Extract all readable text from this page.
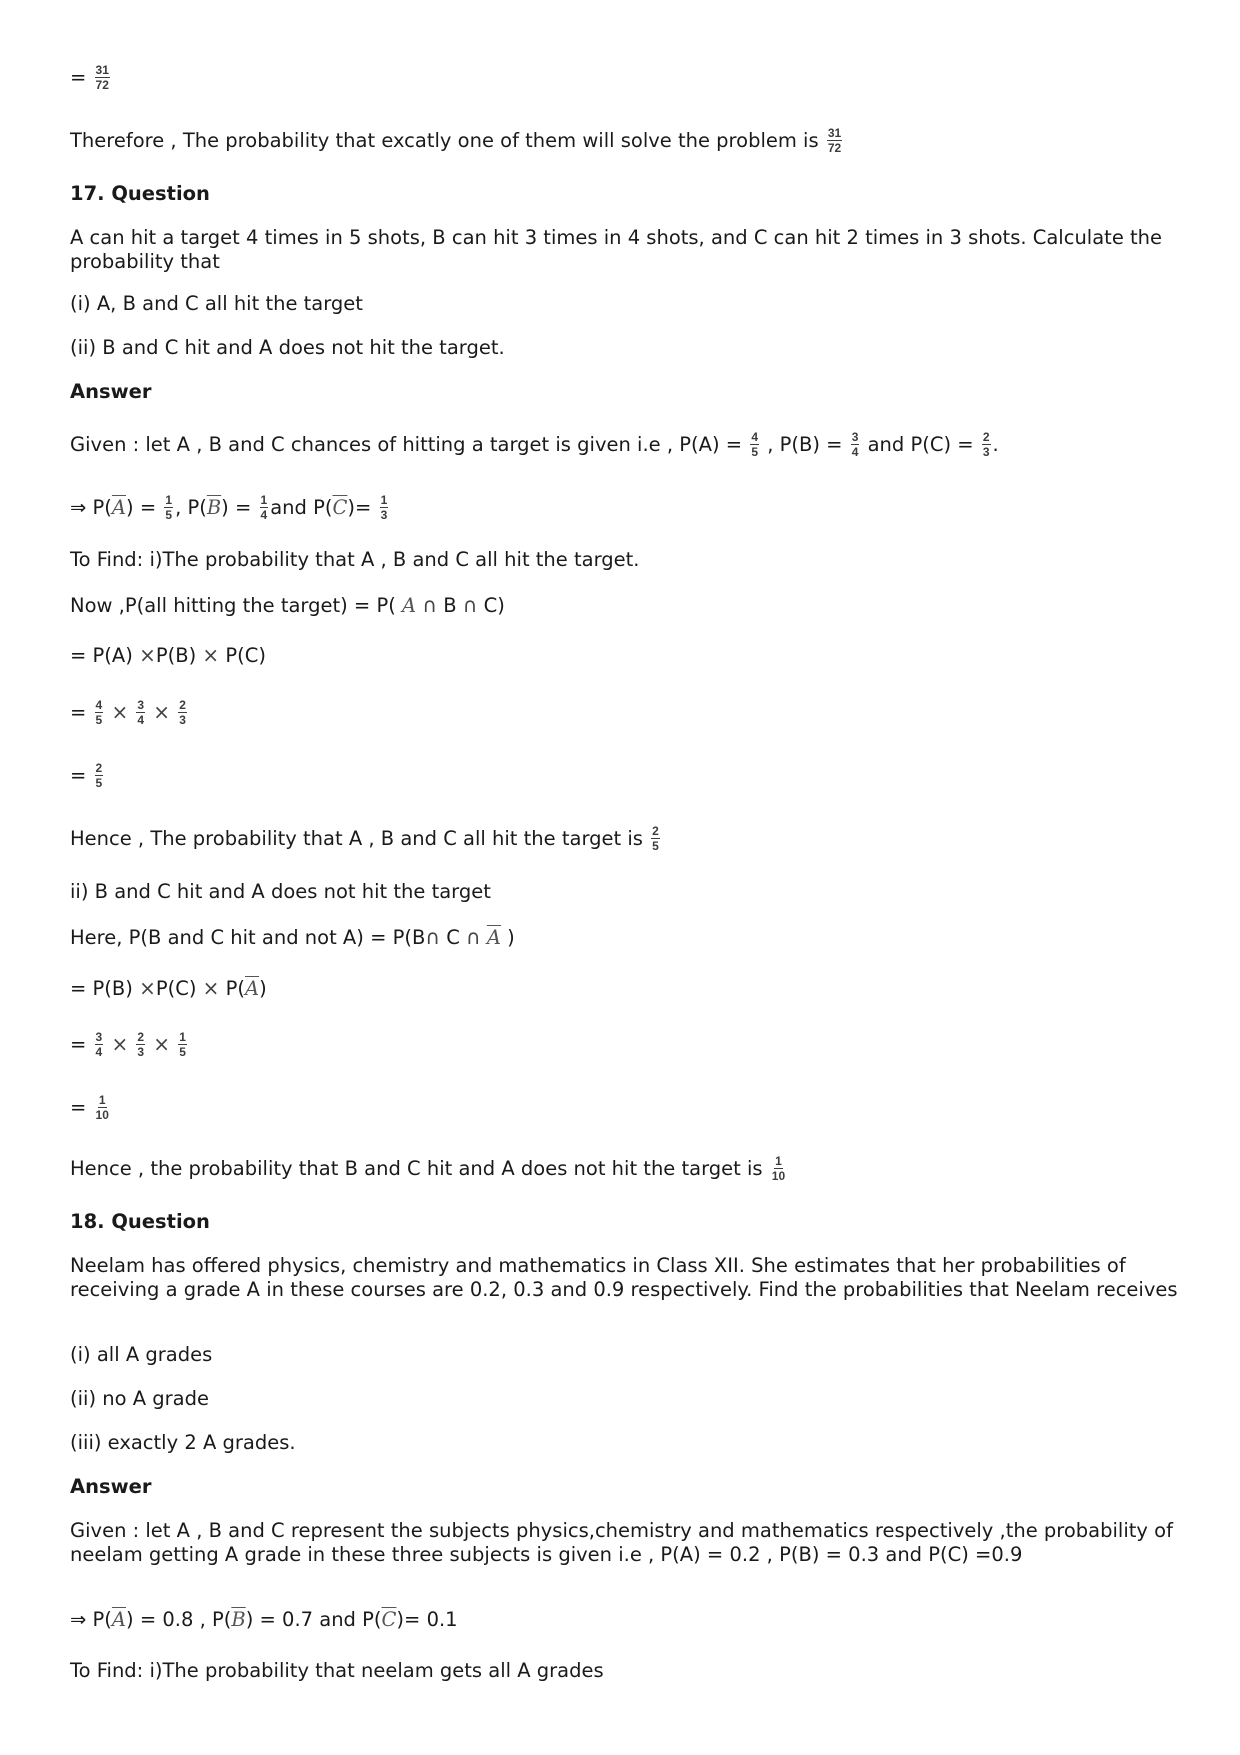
= $\frac{31}{72}$
Therefore , The probability that excatly one of them will solve the problem is $\frac{31}{72}$
17. Question
A can hit a target 4 times in 5 shots, B can hit 3 times in 4 shots, and C can hit 2 times in 3 shots. Calculate the probability that
(i) A, B and C all hit the target
(ii) B and C hit and A does not hit the target.
Answer
Given : let A , B and C chances of hitting a target is given i.e , $P(A) = \frac{4}{5}$ , $P(B) = \frac{3}{4}$ and $P(C) = \frac{2}{3}$ .
⇒ $P(\overline{A}) = \frac{1}{5}$ , $P(\overline{B}) = \frac{1}{4}$ and $P(\overline{C})= \frac{1}{3}$
To Find: i)The probability that A , B and C all hit the target.
Now ,P(all hitting the target) = P( A ∩ B ∩ C)
= P(A) ×P(B) × P(C)
= $\frac{4}{5} \times \frac{3}{4} \times \frac{2}{3}$
= $\frac{2}{5}$
Hence , The probability that A , B and C all hit the target is $\frac{2}{5}$
ii) B and C hit and A does not hit the target
Here, P(B and C hit and not A) = P(B∩ C ∩ $\overline{A}$ )
= $P(B) \times P(C) \times P(\overline{A})$
= $\frac{3}{4} \times \frac{2}{3} \times \frac{1}{5}$
= $\frac{1}{10}$
Hence , the probability that B and C hit and A does not hit the target is $\frac{1}{10}$
18. Question
Neelam has offered physics, chemistry and mathematics in Class XII. She estimates that her probabilities of receiving a grade A in these courses are 0.2, 0.3 and 0.9 respectively. Find the probabilities that Neelam receives
(i) all A grades
(ii) no A grade
(iii) exactly 2 A grades.
Answer
Given : let A , B and C represent the subjects physics,chemistry and mathematics respectively ,the probability of neelam getting A grade in these three subjects is given i.e , P(A) = 0.2 , P(B) = 0.3 and P(C) =0.9
⇒ $P(\overline{A}) = 0.8$ , $P(\overline{B}) = 0.7$ and $P(\overline{C})= 0.1$
To Find: i)The probability that neelam gets all A grades
